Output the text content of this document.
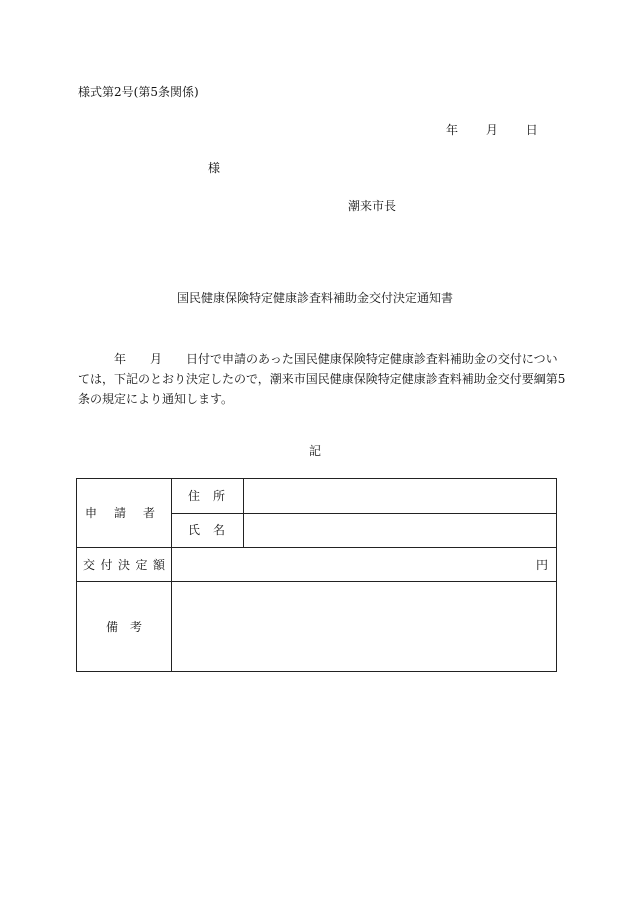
様式第2号(第5条関係)
年 月 日
様
潮来市長
国民健康保険特定健康診査料補助金交付決定通知書
年　　月　　日付で申請のあった国民健康保険特定健康診査料補助金の交付につい
ては，下記のとおり決定したので，潮来市国民健康保険特定健康診査料補助金交付要綱第5
条の規定により通知します。
記
申 請 者	住 所	

	氏 名	

交 付 決 定 額	円	
備　考		
